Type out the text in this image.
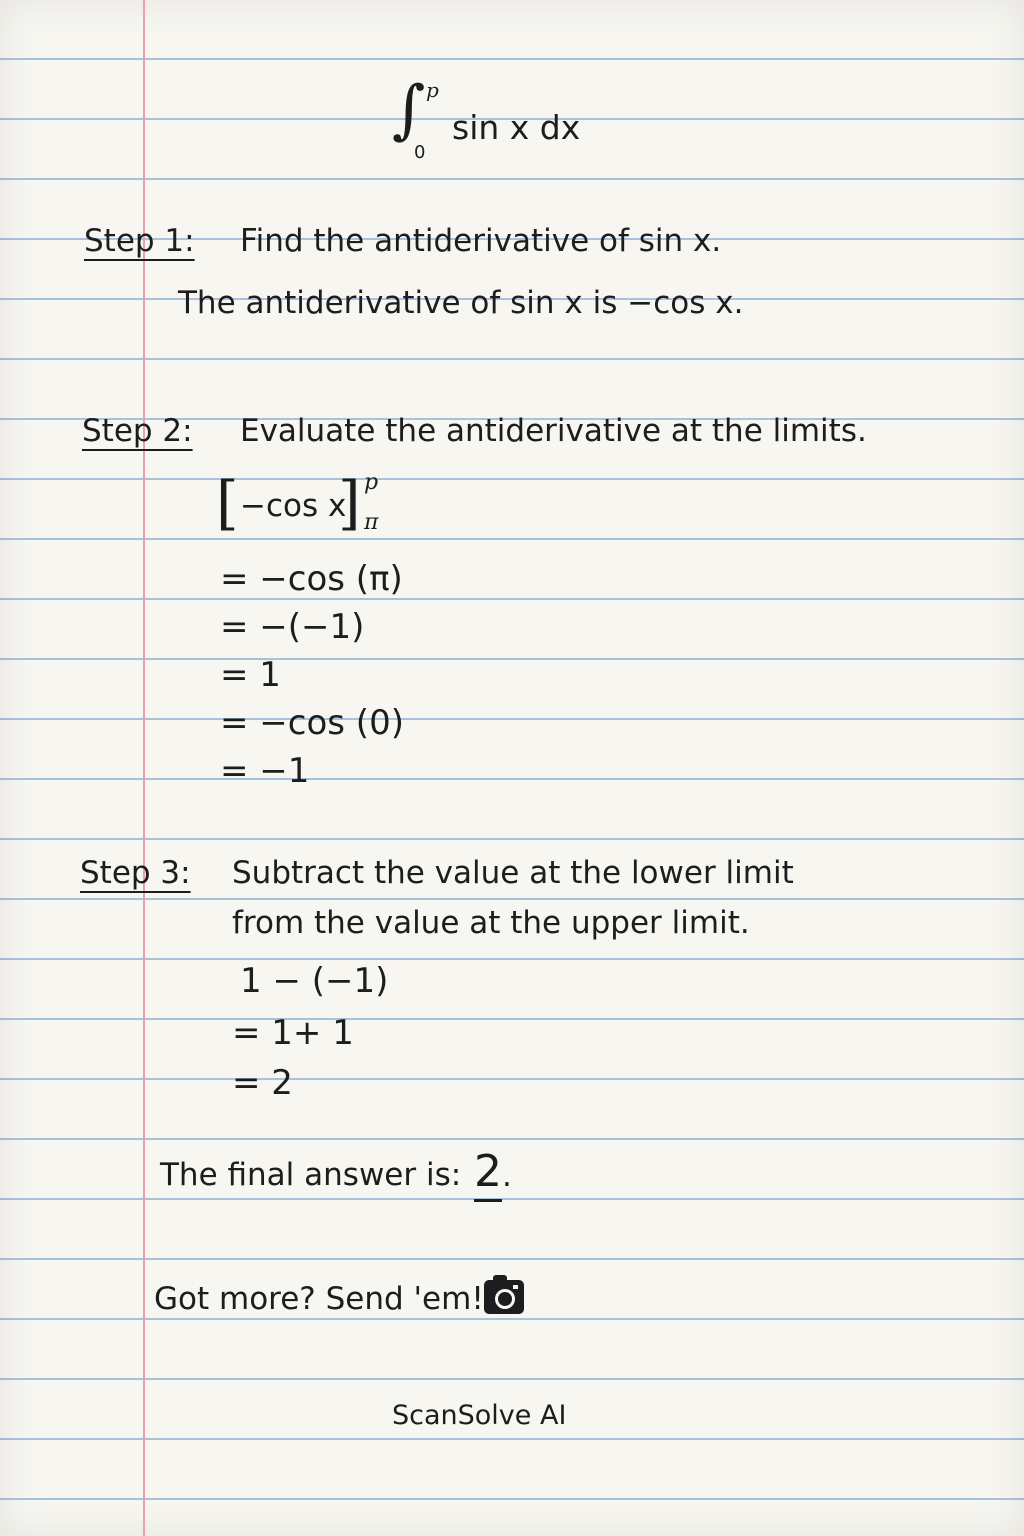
∫ p
0
sin x dx
Step 1: Find the antiderivative of sin x.
The antiderivative of sin x is −cos x.
Step 2: Evaluate the antiderivative at the limits.
[ −cos x
] p
π
= −cos (π)
= −(−1)
= 1
= −cos (0)
= −1
Step 3: Subtract the value at the lower limit
from the value at the upper limit.
1 − (−1)
= 1+ 1
= 2
The final answer is: 2.
Got more? Send 'em!
ScanSolve AI
